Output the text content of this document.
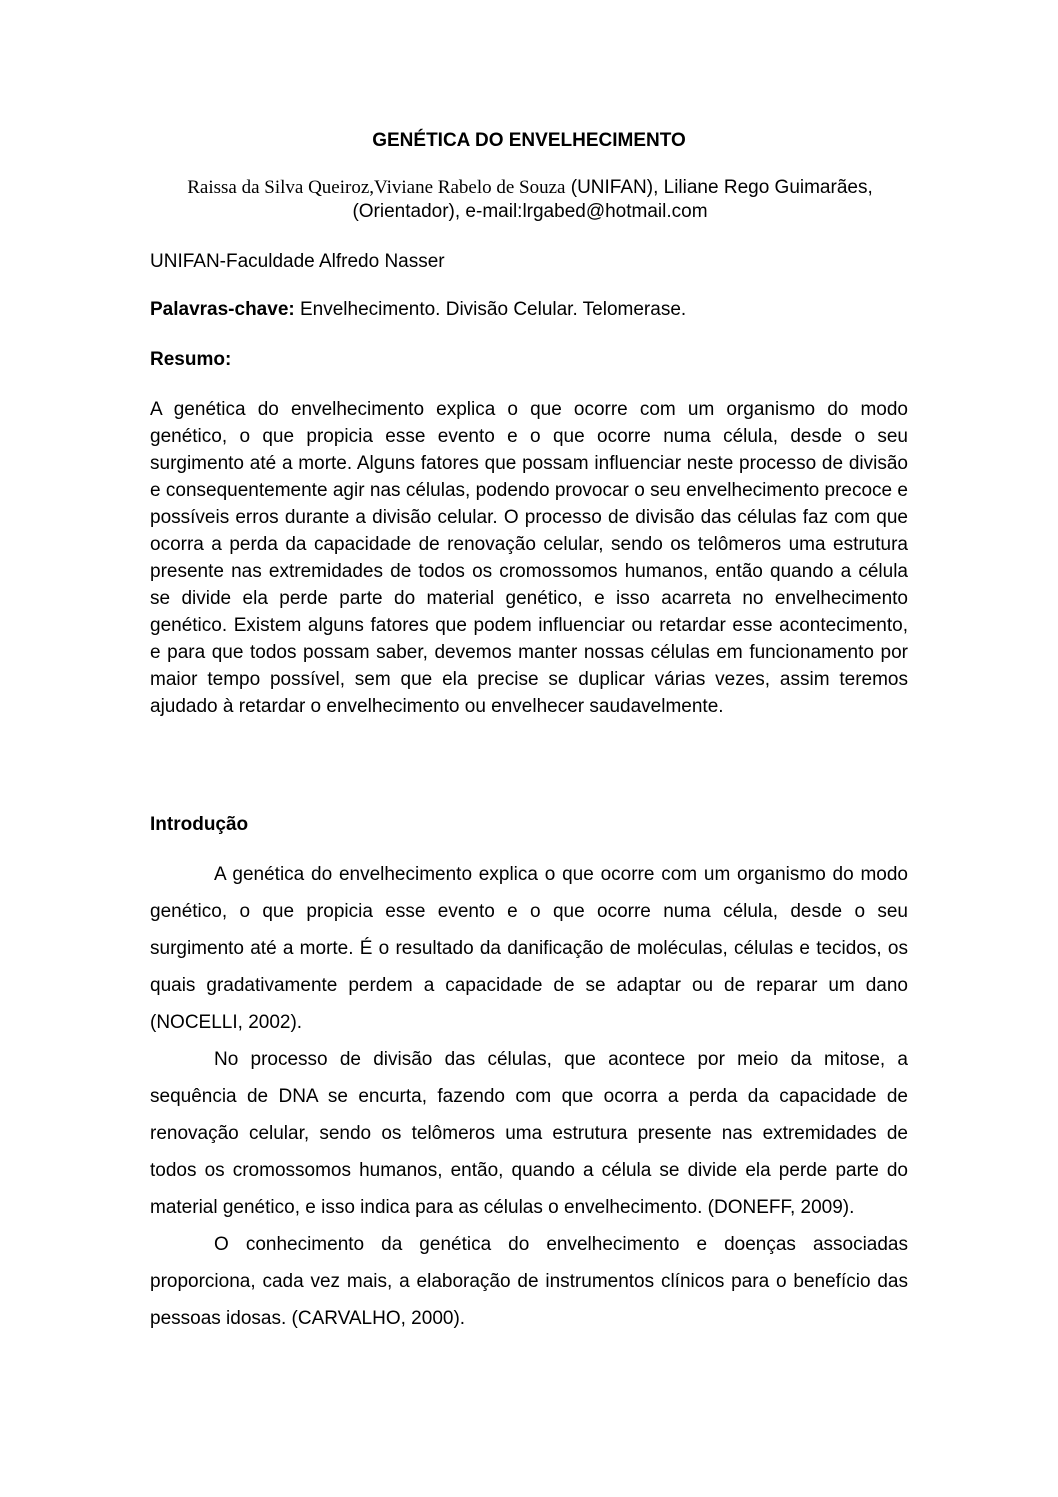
GENÉTICA DO ENVELHECIMENTO
Raissa da Silva Queiroz,Viviane Rabelo de Souza (UNIFAN), Liliane Rego Guimarães, (Orientador), e-mail:lrgabed@hotmail.com
UNIFAN-Faculdade Alfredo Nasser
Palavras-chave: Envelhecimento. Divisão Celular. Telomerase.
Resumo:

A genética do envelhecimento explica o que ocorre com um organismo do modo genético, o que propicia esse evento e o que ocorre numa célula, desde o seu surgimento até a morte. Alguns fatores que possam influenciar neste processo de divisão e consequentemente agir nas células, podendo provocar o seu envelhecimento precoce e possíveis erros durante a divisão celular. O processo de divisão das células faz com que ocorra a perda da capacidade de renovação celular, sendo os telômeros uma estrutura presente nas extremidades de todos os cromossomos humanos, então quando a célula se divide ela perde parte do material genético, e isso acarreta no envelhecimento genético. Existem alguns fatores que podem influenciar ou retardar esse acontecimento, e para que todos possam saber, devemos manter nossas células em funcionamento por maior tempo possível, sem que ela precise se duplicar várias vezes, assim teremos ajudado à retardar o envelhecimento ou envelhecer saudavelmente.

Introdução

A genética do envelhecimento explica o que ocorre com um organismo do modo genético, o que propicia esse evento e o que ocorre numa célula, desde o seu surgimento até a morte. É o resultado da danificação de moléculas, células e tecidos, os quais gradativamente perdem a capacidade de se adaptar ou de reparar um dano (NOCELLI, 2002).

No processo de divisão das células, que acontece por meio da mitose, a sequência de DNA se encurta, fazendo com que ocorra a perda da capacidade de renovação celular, sendo os telômeros uma estrutura presente nas extremidades de todos os cromossomos humanos, então, quando a célula se divide ela perde parte do material genético, e isso indica para as células o envelhecimento. (DONEFF, 2009).

O conhecimento da genética do envelhecimento e doenças associadas proporciona, cada vez mais, a elaboração de instrumentos clínicos para o benefício das pessoas idosas. (CARVALHO, 2000).
